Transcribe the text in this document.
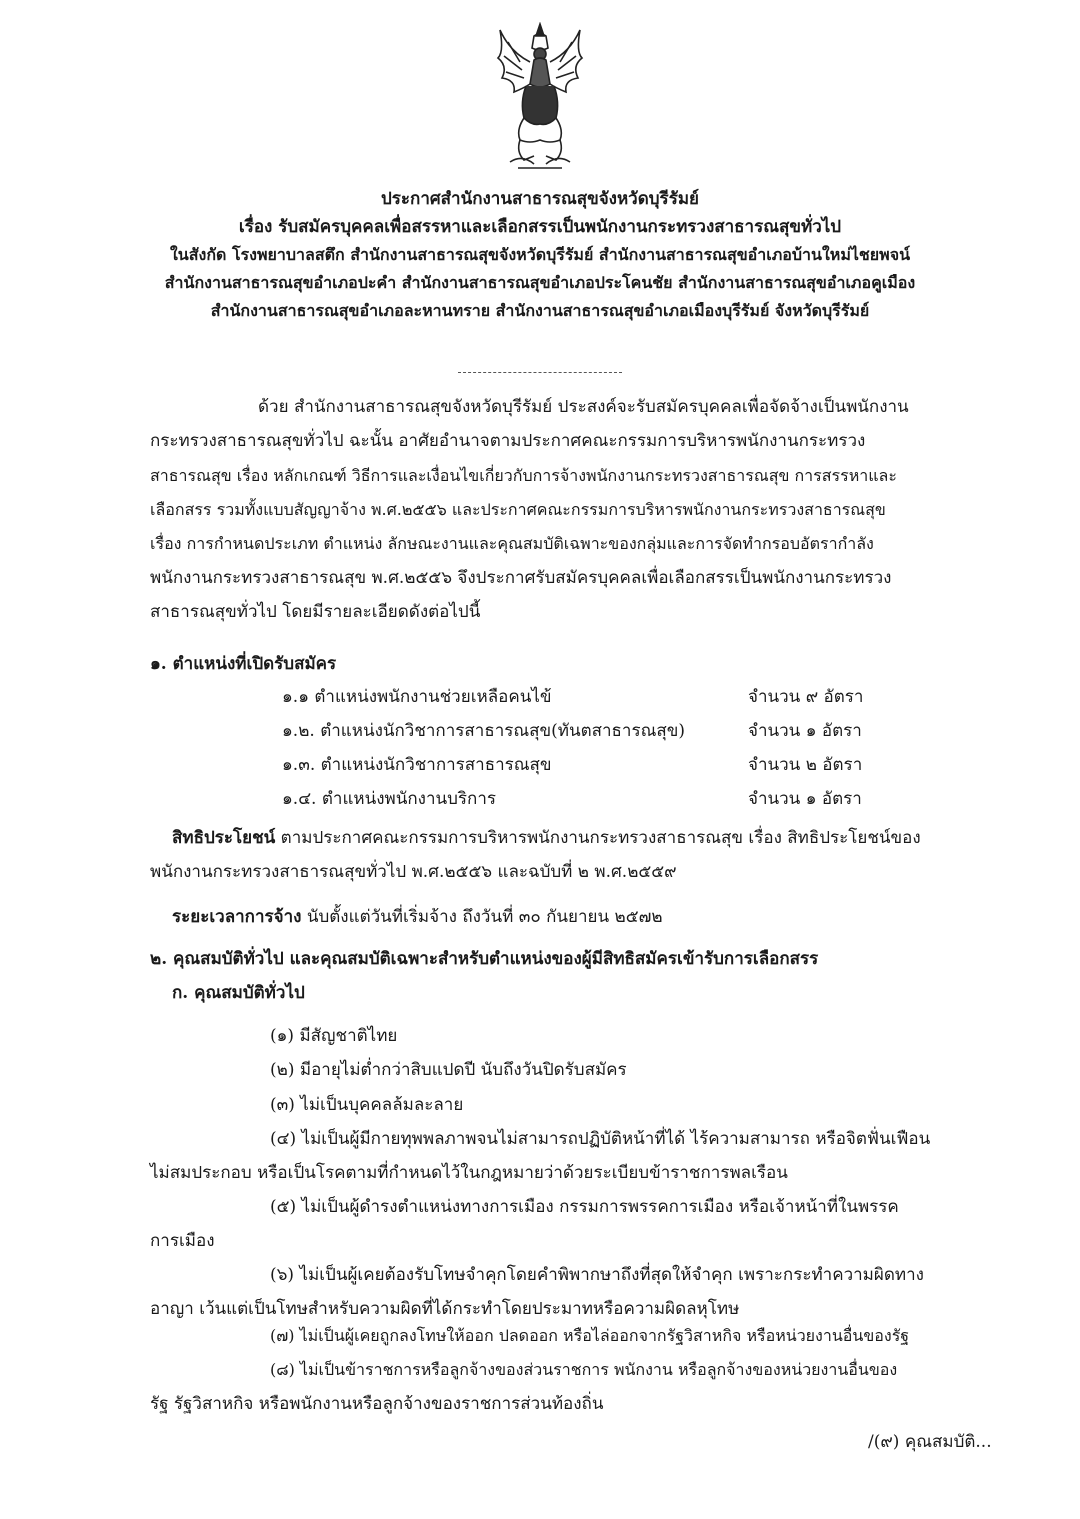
ประกาศสำนักงานสาธารณสุขจังหวัดบุรีรัมย์
เรื่อง รับสมัครบุคคลเพื่อสรรหาและเลือกสรรเป็นพนักงานกระทรวงสาธารณสุขทั่วไป
ในสังกัด โรงพยาบาลสตึก สำนักงานสาธารณสุขจังหวัดบุรีรัมย์ สำนักงานสาธารณสุขอำเภอบ้านใหม่ไชยพจน์
สำนักงานสาธารณสุขอำเภอปะคำ สำนักงานสาธารณสุขอำเภอประโคนชัย สำนักงานสาธารณสุขอำเภอคูเมือง
สำนักงานสาธารณสุขอำเภอละหานทราย สำนักงานสาธารณสุขอำเภอเมืองบุรีรัมย์ จังหวัดบุรีรัมย์
ด้วย สำนักงานสาธารณสุขจังหวัดบุรีรัมย์ ประสงค์จะรับสมัครบุคคลเพื่อจัดจ้างเป็นพนักงาน
กระทรวงสาธารณสุขทั่วไป ฉะนั้น อาศัยอำนาจตามประกาศคณะกรรมการบริหารพนักงานกระทรวง
สาธารณสุข เรื่อง หลักเกณฑ์ วิธีการและเงื่อนไขเกี่ยวกับการจ้างพนักงานกระทรวงสาธารณสุข การสรรหาและ
เลือกสรร รวมทั้งแบบสัญญาจ้าง พ.ศ.๒๕๕๖ และประกาศคณะกรรมการบริหารพนักงานกระทรวงสาธารณสุข
เรื่อง การกำหนดประเภท ตำแหน่ง ลักษณะงานและคุณสมบัติเฉพาะของกลุ่มและการจัดทำกรอบอัตรากำลัง
พนักงานกระทรวงสาธารณสุข พ.ศ.๒๕๕๖ จึงประกาศรับสมัครบุคคลเพื่อเลือกสรรเป็นพนักงานกระทรวง
สาธารณสุขทั่วไป โดยมีรายละเอียดดังต่อไปนี้
๑. ตำแหน่งที่เปิดรับสมัคร
๑.๑ ตำแหน่งพนักงานช่วยเหลือคนไข้	จำนวน ๙ อัตรา
๑.๒. ตำแหน่งนักวิชาการสาธารณสุข(ทันตสาธารณสุข)	จำนวน ๑ อัตรา
๑.๓. ตำแหน่งนักวิชาการสาธารณสุข	จำนวน ๒ อัตรา
๑.๔. ตำแหน่งพนักงานบริการ	จำนวน ๑ อัตรา
สิทธิประโยชน์ ตามประกาศคณะกรรมการบริหารพนักงานกระทรวงสาธารณสุข เรื่อง สิทธิประโยชน์ของ
พนักงานกระทรวงสาธารณสุขทั่วไป พ.ศ.๒๕๕๖ และฉบับที่ ๒ พ.ศ.๒๕๕๙
ระยะเวลาการจ้าง นับตั้งแต่วันที่เริ่มจ้าง ถึงวันที่ ๓๐ กันยายน ๒๕๗๒
๒. คุณสมบัติทั่วไป และคุณสมบัติเฉพาะสำหรับตำแหน่งของผู้มีสิทธิสมัครเข้ารับการเลือกสรร
ก. คุณสมบัติทั่วไป
(๑) มีสัญชาติไทย
(๒) มีอายุไม่ต่ำกว่าสิบแปดปี นับถึงวันปิดรับสมัคร
(๓) ไม่เป็นบุคคลล้มละลาย
(๔) ไม่เป็นผู้มีกายทุพพลภาพจนไม่สามารถปฏิบัติหน้าที่ได้ ไร้ความสามารถ หรือจิตฟั่นเฟือน
ไม่สมประกอบ หรือเป็นโรคตามที่กำหนดไว้ในกฎหมายว่าด้วยระเบียบข้าราชการพลเรือน
(๕) ไม่เป็นผู้ดำรงตำแหน่งทางการเมือง กรรมการพรรคการเมือง หรือเจ้าหน้าที่ในพรรค
การเมือง
(๖) ไม่เป็นผู้เคยต้องรับโทษจำคุกโดยคำพิพากษาถึงที่สุดให้จำคุก เพราะกระทำความผิดทาง
อาญา เว้นแต่เป็นโทษสำหรับความผิดที่ได้กระทำโดยประมาทหรือความผิดลหุโทษ
(๗) ไม่เป็นผู้เคยถูกลงโทษให้ออก ปลดออก หรือไล่ออกจากรัฐวิสาหกิจ หรือหน่วยงานอื่นของรัฐ
(๘) ไม่เป็นข้าราชการหรือลูกจ้างของส่วนราชการ พนักงาน หรือลูกจ้างของหน่วยงานอื่นของ
รัฐ รัฐวิสาหกิจ หรือพนักงานหรือลูกจ้างของราชการส่วนท้องถิ่น
/(๙) คุณสมบัติ...
